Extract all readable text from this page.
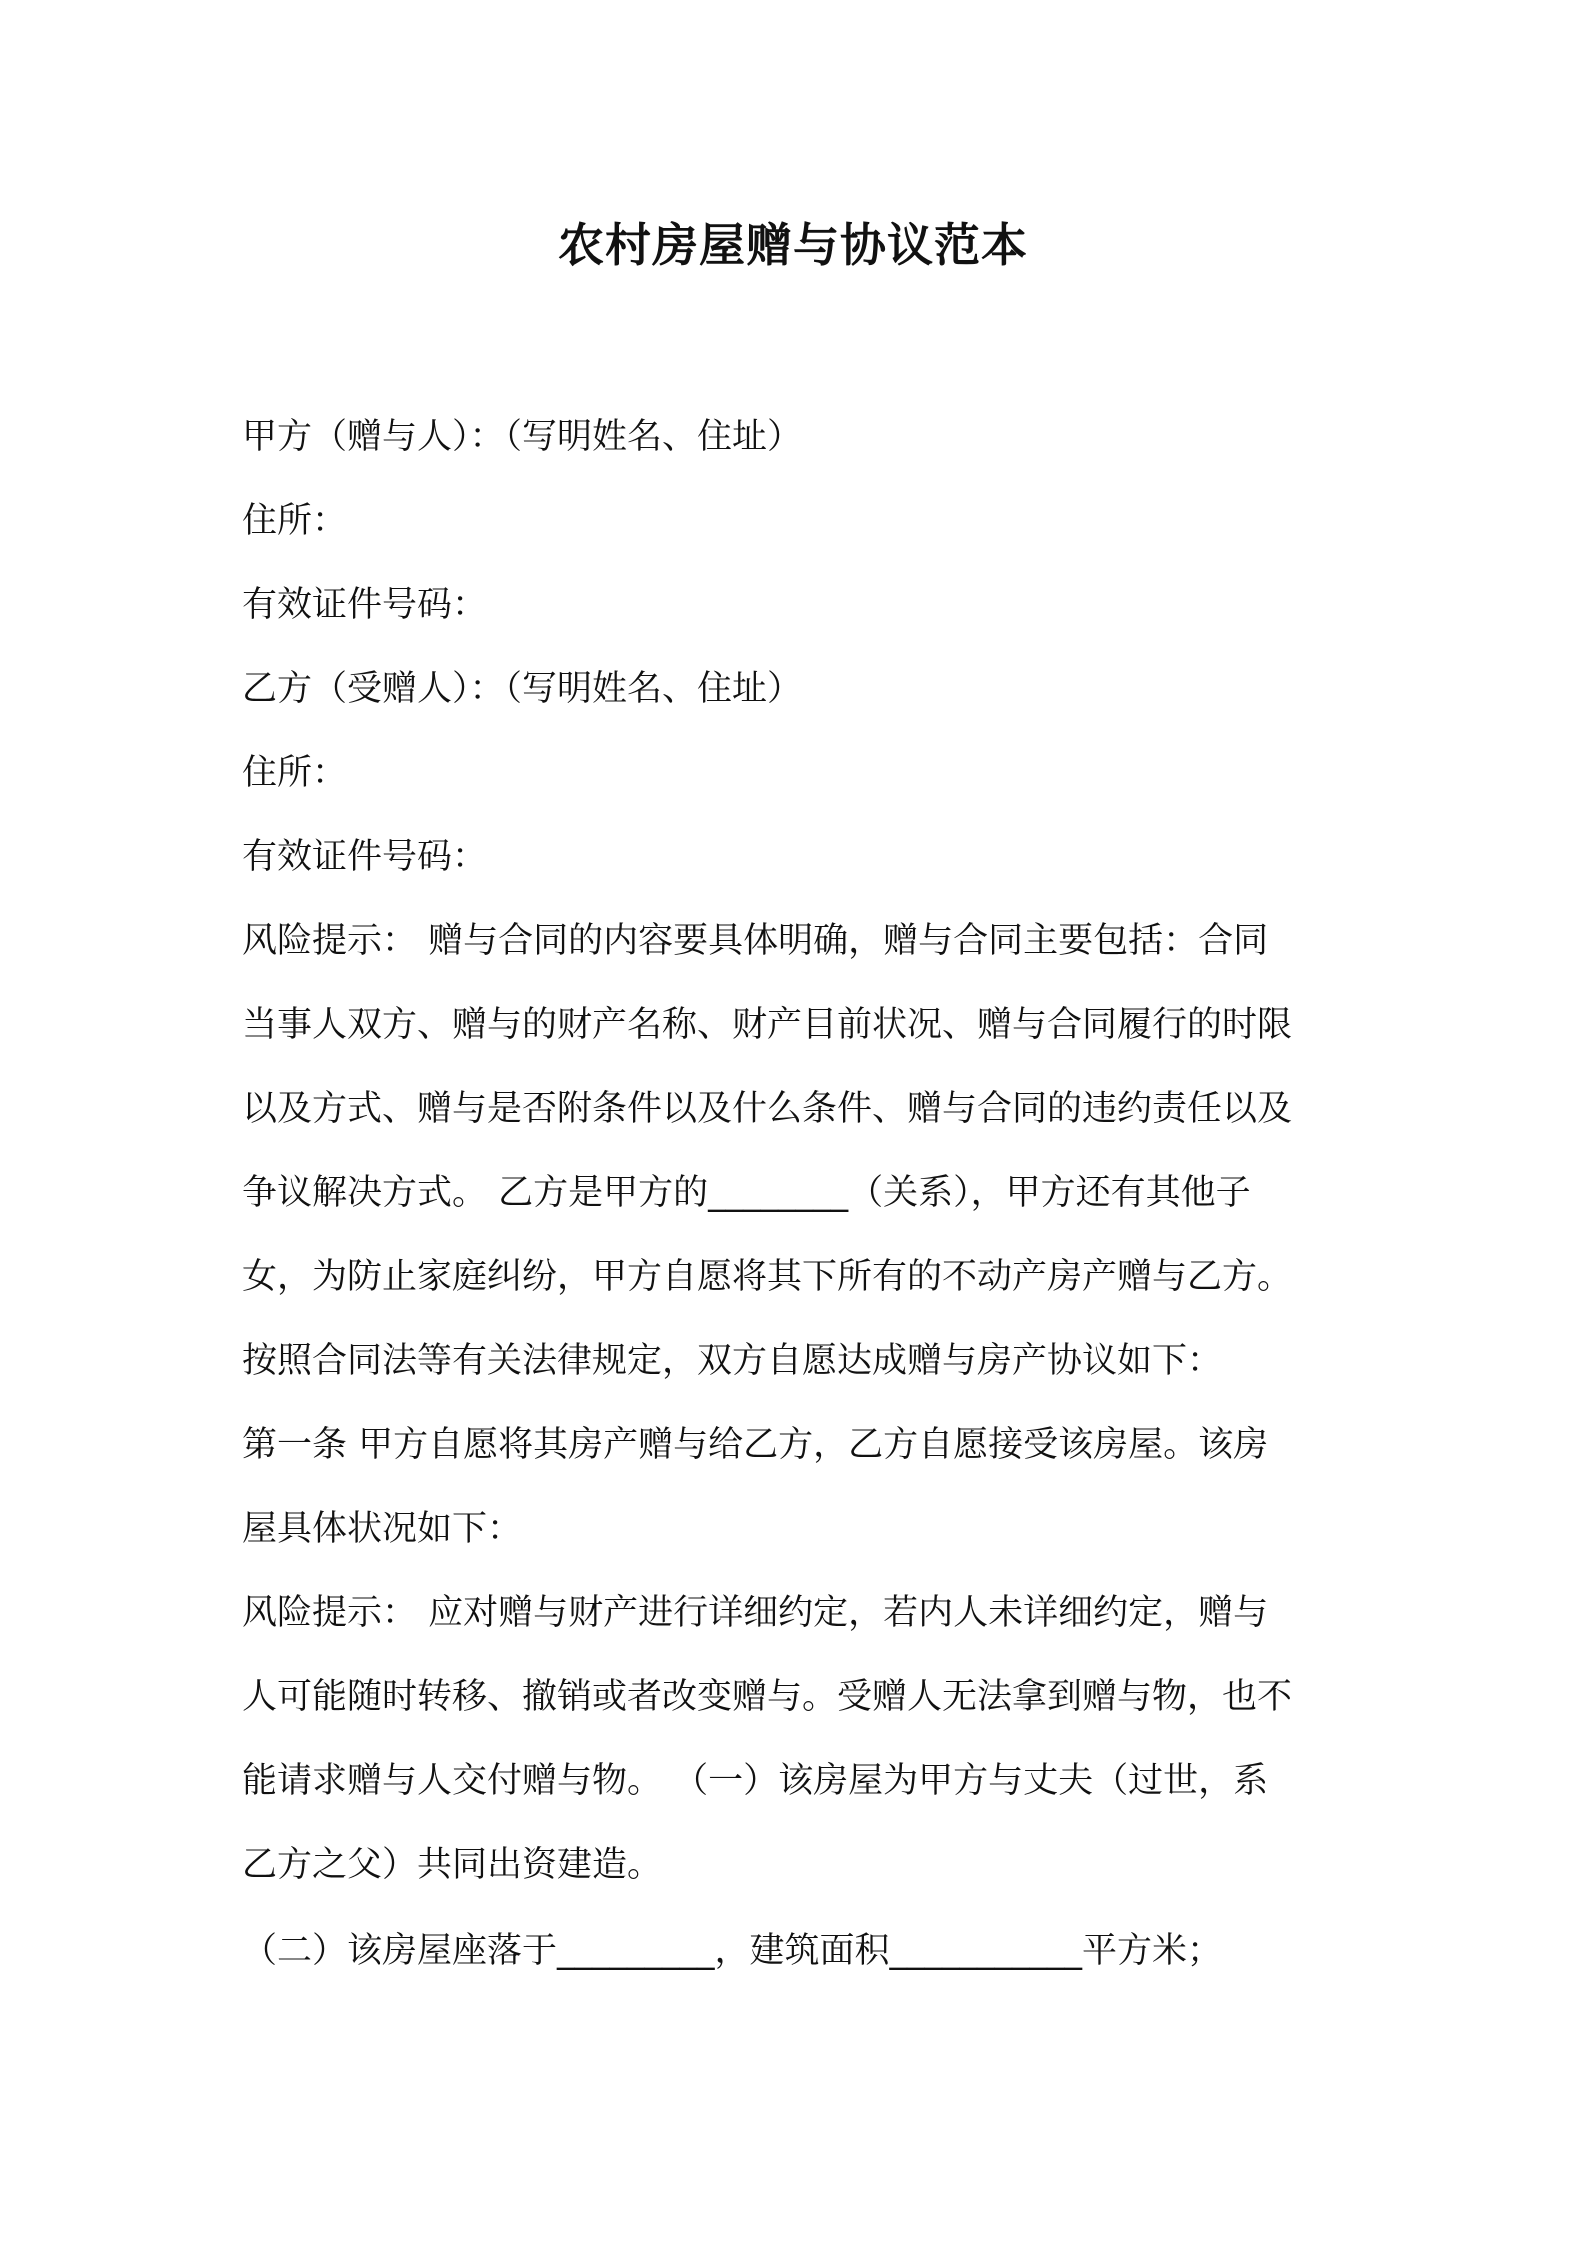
农村房屋赠与协议范本

甲方（赠与人）：（写明姓名、住址）

住所：

有效证件号码：

乙方（受赠人）：（写明姓名、住址）

住所：

有效证件号码：

风险提示： 赠与合同的内容要具体明确，赠与合同主要包括：合同

当事人双方、赠与的财产名称、财产目前状况、赠与合同履行的时限

以及方式、赠与是否附条件以及什么条件、赠与合同的违约责任以及

争议解决方式。 乙方是甲方的________（关系），甲方还有其他子

女，为防止家庭纠纷，甲方自愿将其下所有的不动产房产赠与乙方。

按照合同法等有关法律规定，双方自愿达成赠与房产协议如下：

第一条 甲方自愿将其房产赠与给乙方，乙方自愿接受该房屋。该房

屋具体状况如下：

风险提示： 应对赠与财产进行详细约定，若内人未详细约定，赠与

人可能随时转移、撤销或者改变赠与。受赠人无法拿到赠与物，也不

能请求赠与人交付赠与物。 （一）该房屋为甲方与丈夫（过世，系

乙方之父）共同出资建造。

（二）该房屋座落于_________，建筑面积___________平方米；
